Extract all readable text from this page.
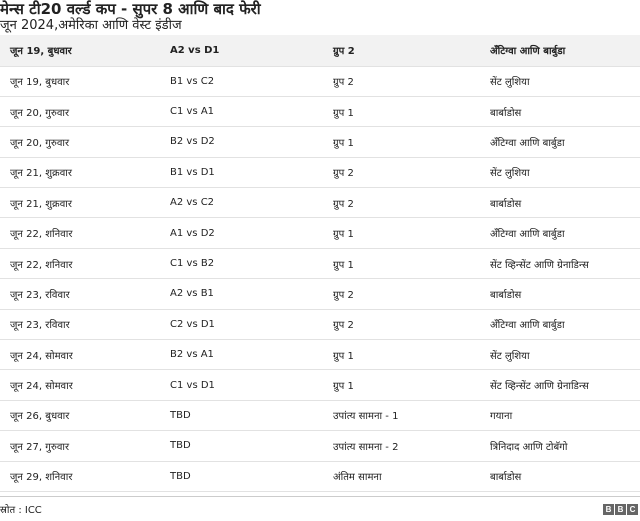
मेन्स टी20 वर्ल्ड कप - सुपर 8 आणि बाद फेरी
जून 2024,अमेरिका आणि वेस्ट इंडीज
जून 19, बुधवार	A2 vs D1	ग्रुप 2	ॲंटिग्वा आणि बार्बुडा
जून 19, बुधवार	B1 vs C2	ग्रुप 2	सेंट लुशिया
जून 20, गुरुवार	C1 vs A1	ग्रुप 1	बार्बाडोस
जून 20, गुरुवार	B2 vs D2	ग्रुप 1	ॲंटिग्वा आणि बार्बुडा
जून 21, शुक्रवार	B1 vs D1	ग्रुप 2	सेंट लुशिया
जून 21, शुक्रवार	A2 vs C2	ग्रुप 2	बार्बाडोस
जून 22, शनिवार	A1 vs D2	ग्रुप 1	ॲंटिग्वा आणि बार्बुडा
जून 22, शनिवार	C1 vs B2	ग्रुप 1	सेंट व्हिन्सेंट आणि ग्रेनाडिन्स
जून 23, रविवार	A2 vs B1	ग्रुप 2	बार्बाडोस
जून 23, रविवार	C2 vs D1	ग्रुप 2	ॲंटिग्वा आणि बार्बुडा
जून 24, सोमवार	B2 vs A1	ग्रुप 1	सेंट लुशिया
जून 24, सोमवार	C1 vs D1	ग्रुप 1	सेंट व्हिन्सेंट आणि ग्रेनाडिन्स
जून 26, बुधवार	TBD	उपांत्य सामना - 1	गयाना
जून 27, गुरुवार	TBD	उपांत्य सामना - 2	त्रिनिदाद आणि टोबॅगो
जून 29, शनिवार	TBD	अंतिम सामना	बार्बाडोस
स्रोत : ICC	B B C
